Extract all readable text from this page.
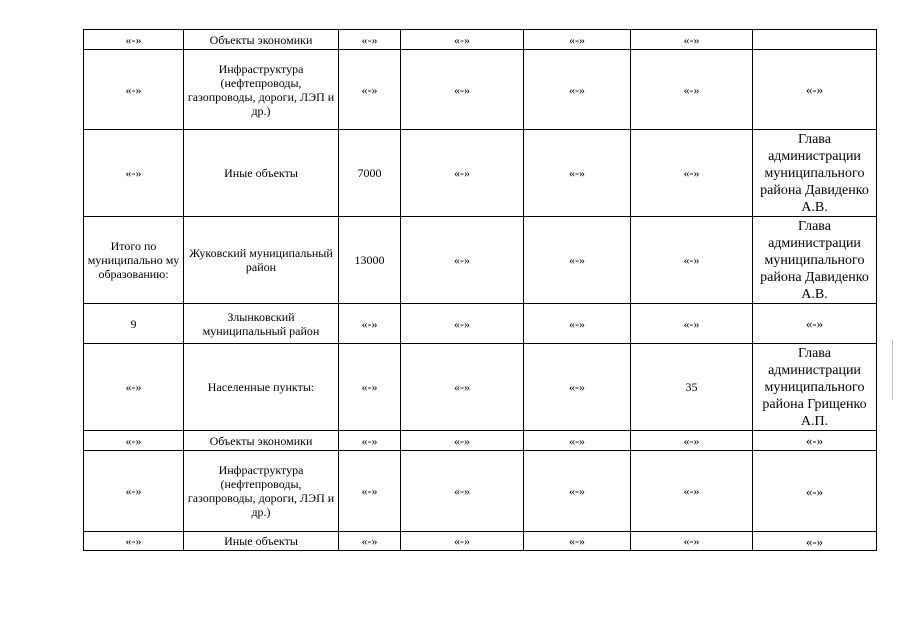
«-»	Объекты экономики	«-»	«-»	«-»	«-»	
«-»	Инфраструктура (нефтепроводы, газопроводы, дороги, ЛЭП и др.)	«-»	«-»	«-»	«-»	«-»
«-»	Иные объекты	7000	«-»	«-»	«-»	Глава администрации муниципального района Давиденко А.В.
Итого по муниципально му образованию:	Жуковский муниципальный район	13000	«-»	«-»	«-»	Глава администрации муниципального района Давиденко А.В.
9	Злынковский муниципальный район	«-»	«-»	«-»	«-»	«-»
«-»	Населенные пункты:	«-»	«-»	«-»	35	Глава администрации муниципального района Грищенко А.П.
«-»	Объекты экономики	«-»	«-»	«-»	«-»	«-»
«-»	Инфраструктура (нефтепроводы, газопроводы, дороги, ЛЭП и др.)	«-»	«-»	«-»	«-»	«-»
«-»	Иные объекты	«-»	«-»	«-»	«-»	«-»
